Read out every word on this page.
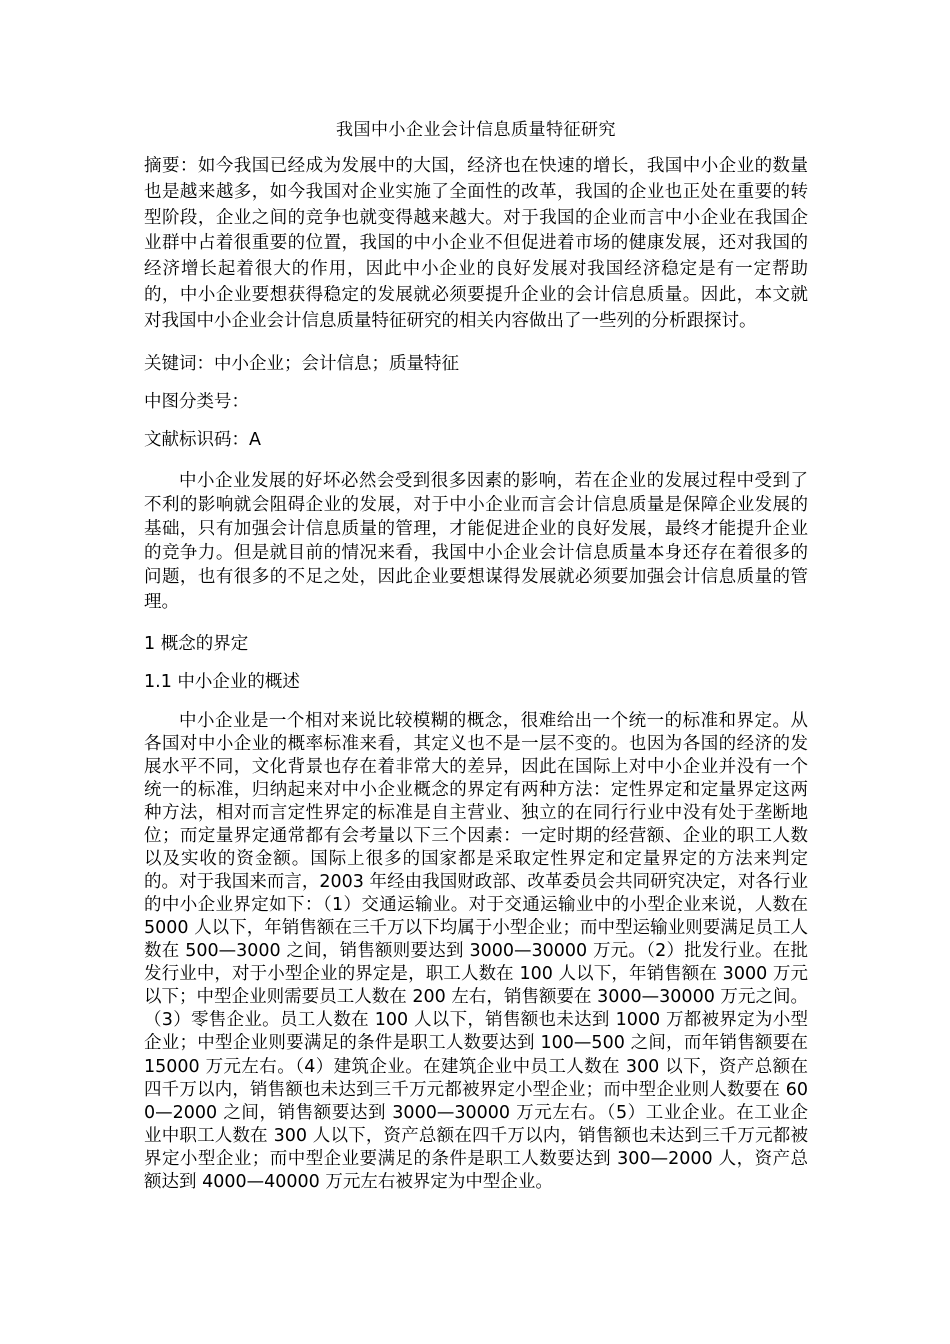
我国中小企业会计信息质量特征研究

摘要：如今我国已经成为发展中的大国，经济也在快速的增长，我国中小企业的数量也是越来越多，如今我国对企业实施了全面性的改革，我国的企业也正处在重要的转型阶段，企业之间的竞争也就变得越来越大。对于我国的企业而言中小企业在我国企业群中占着很重要的位置，我国的中小企业不但促进着市场的健康发展，还对我国的经济增长起着很大的作用，因此中小企业的良好发展对我国经济稳定是有一定帮助的，中小企业要想获得稳定的发展就必须要提升企业的会计信息质量。因此，本文就对我国中小企业会计信息质量特征研究的相关内容做出了一些列的分析跟探讨。

关键词：中小企业；会计信息；质量特征

中图分类号：

文献标识码：A

中小企业发展的好坏必然会受到很多因素的影响，若在企业的发展过程中受到了不利的影响就会阻碍企业的发展，对于中小企业而言会计信息质量是保障企业发展的基础，只有加强会计信息质量的管理，才能促进企业的良好发展，最终才能提升企业的竞争力。但是就目前的情况来看，我国中小企业会计信息质量本身还存在着很多的问题，也有很多的不足之处，因此企业要想谋得发展就必须要加强会计信息质量的管理。

1 概念的界定

1.1 中小企业的概述

中小企业是一个相对来说比较模糊的概念，很难给出一个统一的标准和界定。从各国对中小企业的概率标准来看，其定义也不是一层不变的。也因为各国的经济的发展水平不同，文化背景也存在着非常大的差异，因此在国际上对中小企业并没有一个统一的标准，归纳起来对中小企业概念的界定有两种方法：定性界定和定量界定这两种方法，相对而言定性界定的标准是自主营业、独立的在同行行业中没有处于垄断地位；而定量界定通常都有会考量以下三个因素：一定时期的经营额、企业的职工人数以及实收的资金额。国际上很多的国家都是采取定性界定和定量界定的方法来判定的。对于我国来而言，2003 年经由我国财政部、改革委员会共同研究决定，对各行业的中小企业界定如下：（1）交通运输业。对于交通运输业中的小型企业来说，人数在 5000 人以下，年销售额在三千万以下均属于小型企业；而中型运输业则要满足员工人数在 500—3000 之间，销售额则要达到 3000—30000 万元。（2）批发行业。在批发行业中，对于小型企业的界定是，职工人数在 100 人以下，年销售额在 3000 万元以下；中型企业则需要员工人数在 200 左右，销售额要在 3000—30000 万元之间。（3）零售企业。员工人数在 100 人以下，销售额也未达到 1000 万都被界定为小型企业；中型企业则要满足的条件是职工人数要达到 100—500 之间，而年销售额要在 15000 万元左右。（4）建筑企业。在建筑企业中员工人数在 300 以下，资产总额在四千万以内，销售额也未达到三千万元都被界定小型企业；而中型企业则人数要在 600—2000 之间，销售额要达到 3000—30000 万元左右。（5）工业企业。在工业企业中职工人数在 300 人以下，资产总额在四千万以内，销售额也未达到三千万元都被界定小型企业；而中型企业要满足的条件是职工人数要达到 300—2000 人，资产总额达到 4000—40000 万元左右被界定为中型企业。
